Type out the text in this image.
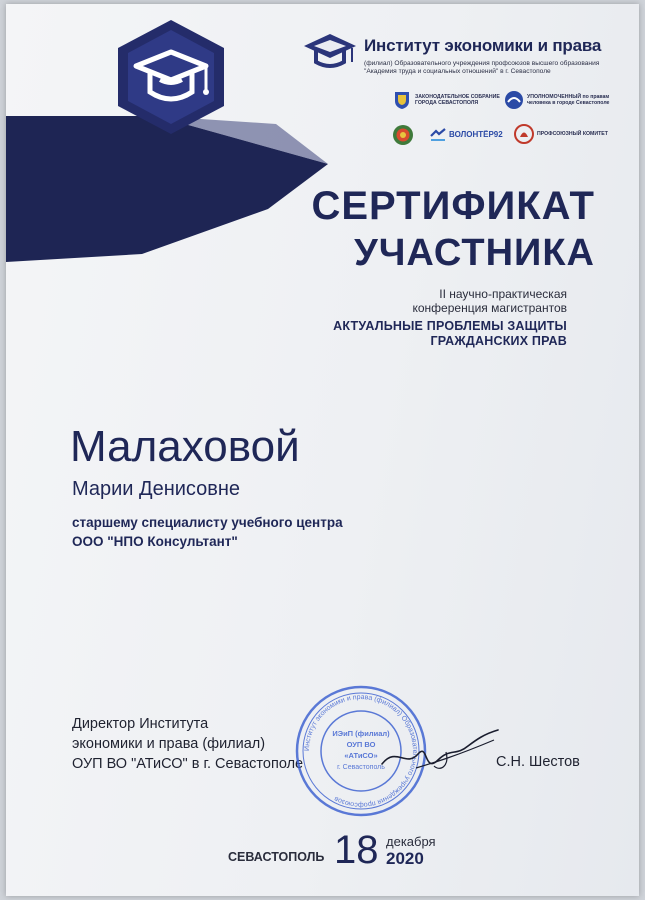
Институт экономики и права
(филиал) Образовательного учреждения профсоюзов высшего образования "Академия труда и социальных отношений" в г. Севастополе
ЗАКОНОДАТЕЛЬНОЕ СОБРАНИЕ ГОРОДА СЕВАСТОПОЛЯ
УПОЛНОМОЧЕННЫЙ по правам человека в городе Севастополе
ВОЛОНТЁР92	ПРОФСОЮЗНЫЙ КОМИТЕТ
СЕРТИФИКАТ
УЧАСТНИКА
II научно-практическая
конференция магистрантов
АКТУАЛЬНЫЕ ПРОБЛЕМЫ ЗАЩИТЫ
ГРАЖДАНСКИХ ПРАВ
Малаховой
Марии Денисовне
старшему специалисту учебного центра
ООО "НПО Консультант"
Директор Института
экономики и права (филиал)
ОУП ВО "АТиСО" в г. Севастополе	С.Н. Шестов
Институт экономики и права (филиал) Образовательного учреждения профсоюзов
ИЭиП (филиал)
ОУП ВО
«АТиСО»
г. Севастополь
СЕВАСТОПОЛЬ 18 декабря
2020
